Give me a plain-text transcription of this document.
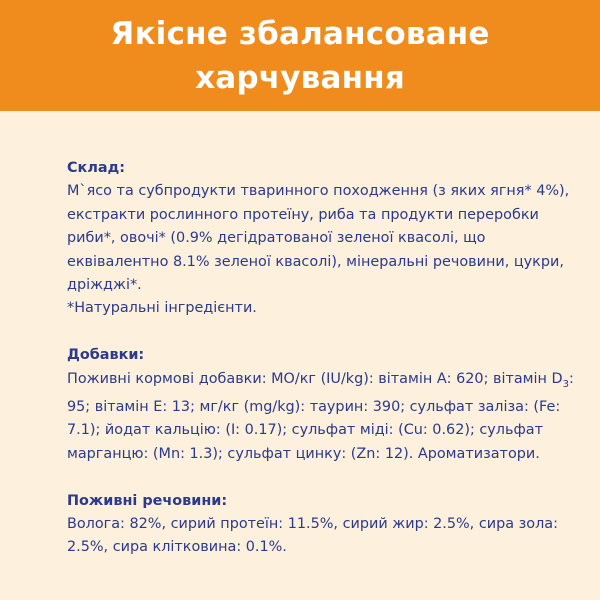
Якісне збалансоване харчування
Склад:
М`ясо та субпродукти тваринного походження (з яких ягня* 4%), екстракти рослинного протеїну, риба та продукти переробки риби*, овочі* (0.9% дегідратованої зеленої квасолі, що еквівалентно 8.1% зеленої квасолі), мінеральні речовини, цукри, дріжджі*.
*Натуральні інгредієнти.
Добавки:
Поживні кормові добавки: МО/кг (IU/kg): вітамін А: 620; вітамін $D_3$: 95; вітамін Е: 13; мг/кг (mg/kg): таурин: 390; сульфат заліза: (Fe: 7.1); йодат кальцію: (I: 0.17); сульфат міді: (Cu: 0.62); сульфат марганцю: (Mn: 1.3); сульфат цинку: (Zn: 12). Ароматизатори.
Поживні речовини:
Волога: 82%, сирий протеїн: 11.5%, сирий жир: 2.5%, сира зола: 2.5%, сира клітковина: 0.1%.
